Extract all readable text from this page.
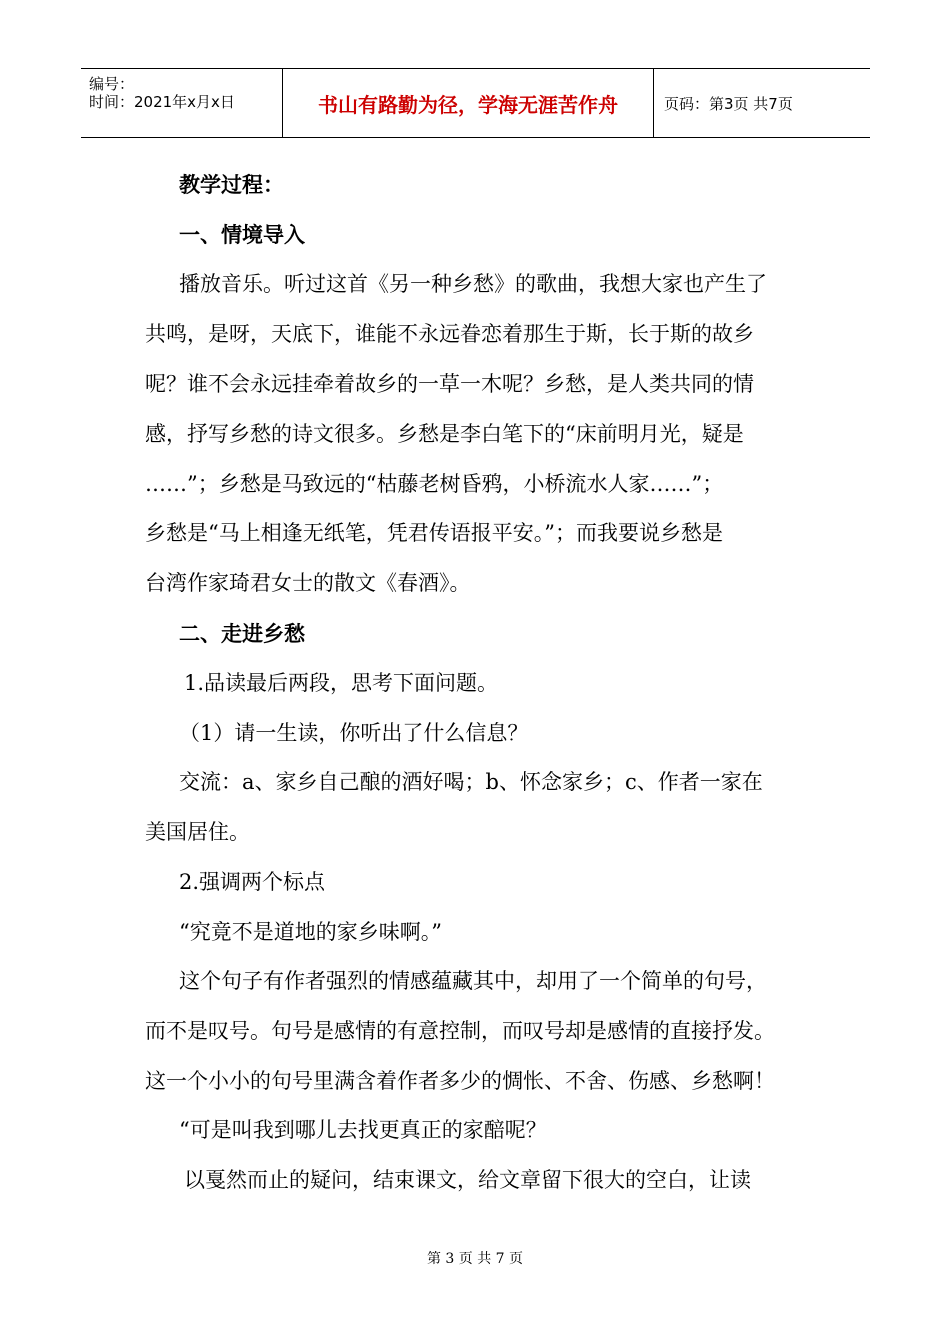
编号：
时间：2021年x月x日	书山有路勤为径，学海无涯苦作舟	页码：第3页 共7页
教学过程：
一、情境导入
播放音乐。听过这首《另一种乡愁》的歌曲，我想大家也产生了
共鸣，是呀，天底下，谁能不永远眷恋着那生于斯，长于斯的故乡
呢？谁不会永远挂牵着故乡的一草一木呢？乡愁，是人类共同的情
感，抒写乡愁的诗文很多。乡愁是李白笔下的“床前明月光，疑是
……”；乡愁是马致远的“枯藤老树昏鸦，小桥流水人家……”；
乡愁是“马上相逢无纸笔，凭君传语报平安。”；而我要说乡愁是
台湾作家琦君女士的散文《春酒》。
二、走进乡愁
1.品读最后两段，思考下面问题。
（1）请一生读，你听出了什么信息？
交流：a、家乡自己酿的酒好喝；b、怀念家乡；c、作者一家在
美国居住。
2.强调两个标点
“究竟不是道地的家乡味啊。”
这个句子有作者强烈的情感蕴藏其中，却用了一个简单的句号，
而不是叹号。句号是感情的有意控制，而叹号却是感情的直接抒发。
这一个小小的句号里满含着作者多少的惆怅、不舍、伤感、乡愁啊！
“可是叫我到哪儿去找更真正的家醅呢？
以戛然而止的疑问，结束课文，给文章留下很大的空白，让读
第 3 页 共 7 页
